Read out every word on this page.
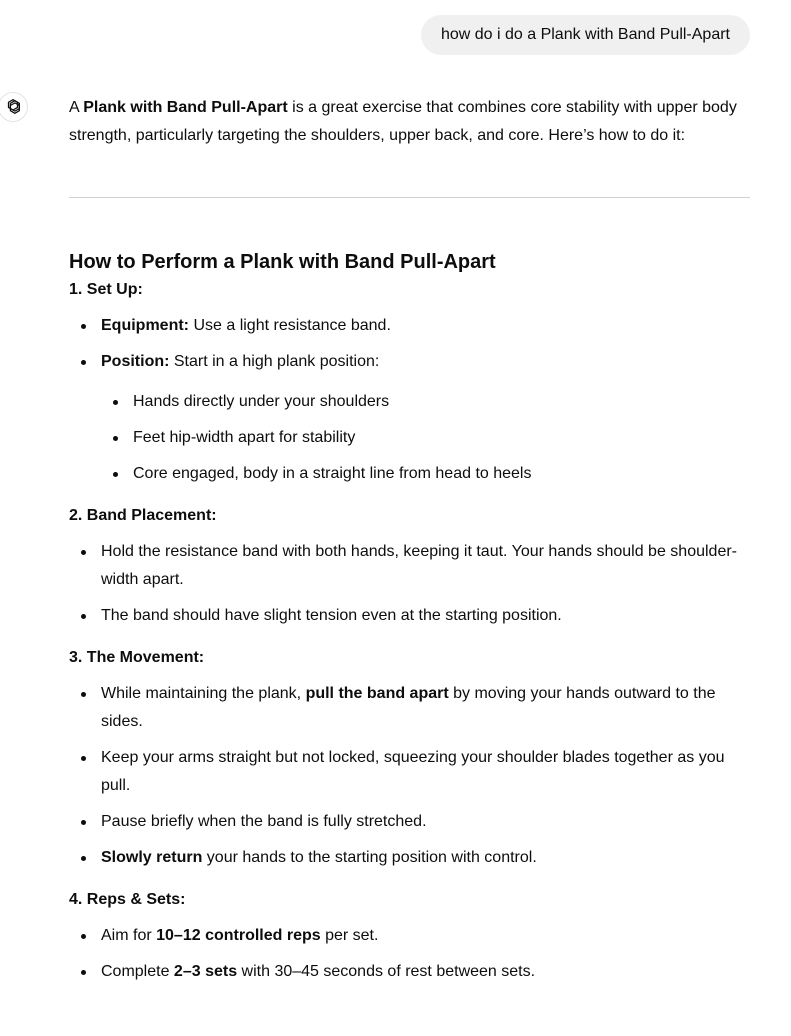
how do i do a Plank with Band Pull-Apart

A Plank with Band Pull-Apart is a great exercise that combines core stability with upper body strength, particularly targeting the shoulders, upper back, and core. Here’s how to do it:

How to Perform a Plank with Band Pull-Apart
1. Set Up:
Equipment: Use a light resistance band.
Position: Start in a high plank position:
Hands directly under your shoulders
Feet hip-width apart for stability
Core engaged, body in a straight line from head to heels
2. Band Placement:
Hold the resistance band with both hands, keeping it taut. Your hands should be shoulder-width apart.
The band should have slight tension even at the starting position.
3. The Movement:
While maintaining the plank, pull the band apart by moving your hands outward to the sides.
Keep your arms straight but not locked, squeezing your shoulder blades together as you pull.
Pause briefly when the band is fully stretched.
Slowly return your hands to the starting position with control.
4. Reps & Sets:
Aim for 10–12 controlled reps per set.
Complete 2–3 sets with 30–45 seconds of rest between sets.
